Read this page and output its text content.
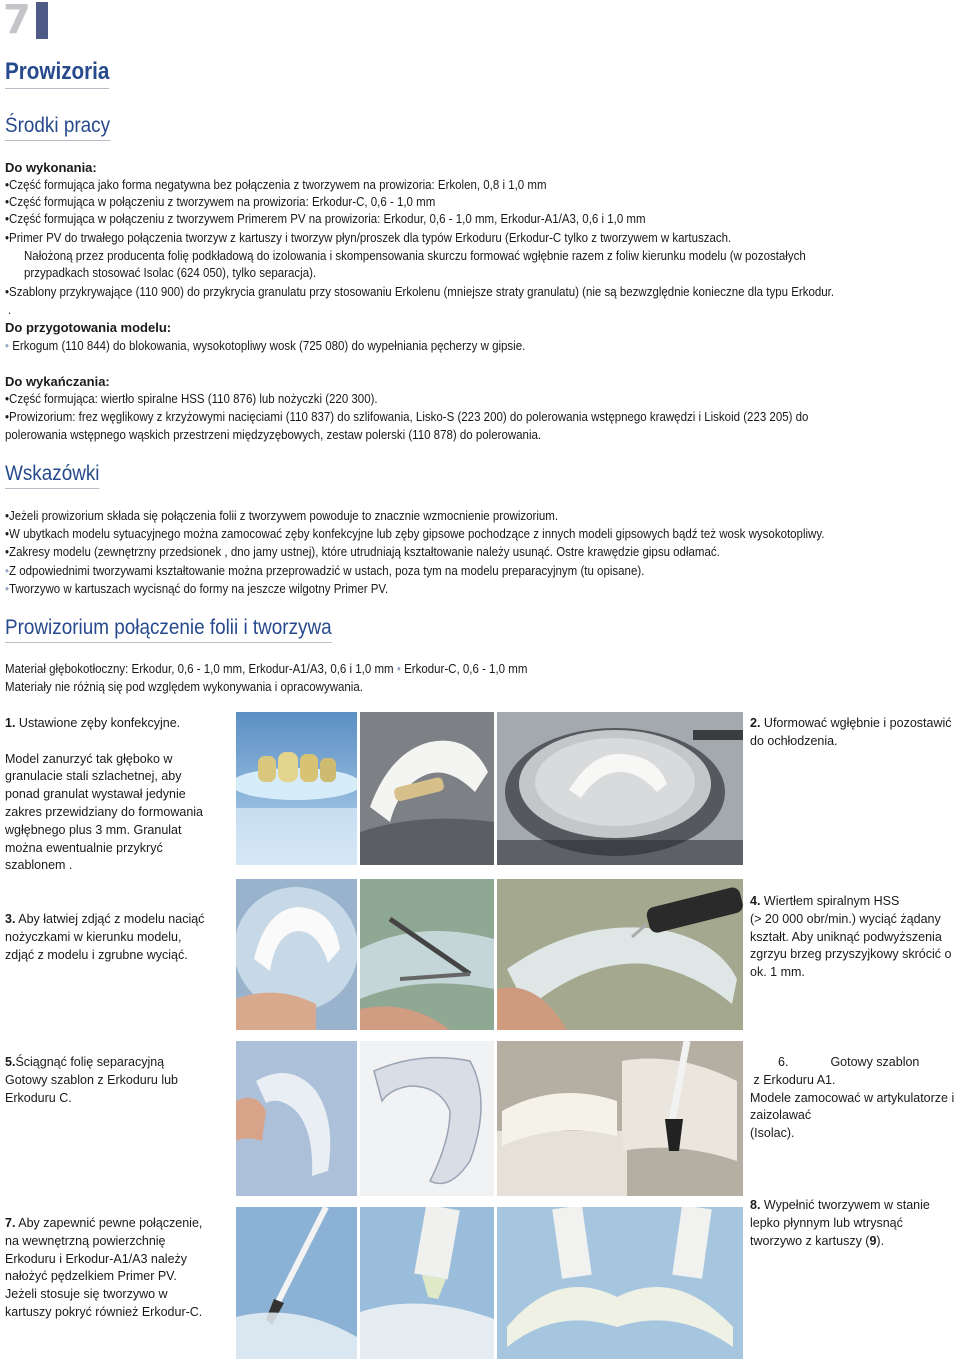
7
Prowizoria
Środki pracy
Do wykonania:
•Część formująca jako forma negatywna bez połączenia z tworzywem na prowizoria: Erkolen, 0,8 i 1,0 mm
•Część formująca w połączeniu z tworzywem na prowizoria: Erkodur-C, 0,6 - 1,0 mm
•Część formująca w połączeniu z tworzywem Primerem PV na prowizoria: Erkodur, 0,6 - 1,0 mm, Erkodur-A1/A3, 0,6 i 1,0 mm
•Primer PV do trwałego połączenia tworzyw z kartuszy i tworzyw płyn/proszek dla typów Erkoduru (Erkodur-C tylko z tworzywem w kartuszach.
Nałożoną przez producenta folię podkładową do izolowania i skompensowania skurczu formować wgłębnie razem z foliw kierunku modelu (w pozostałych
przypadkach stosować Isolac (624 050), tylko separacja).
•Szablony przykrywające (110 900) do przykrycia granulatu przy stosowaniu Erkolenu (mniejsze straty granulatu) (nie są bezwzględnie konieczne dla typu Erkodur.
.
Do przygotowania modelu:
• Erkogum (110 844) do blokowania, wysokotopliwy wosk (725 080) do wypełniania pęcherzy w gipsie.
Do wykańczania:
•Część formująca: wiertło spiralne HSS (110 876) lub nożyczki (220 300).
•Prowizorium: frez węglikowy z krzyżowymi nacięciami (110 837) do szlifowania, Lisko-S (223 200) do polerowania wstępnego krawędzi i Liskoid (223 205) do
polerowania wstępnego wąskich przestrzeni międzyzębowych, zestaw polerski (110 878) do polerowania.
Wskazówki
•Jeżeli prowizorium składa się połączenia folii z tworzywem powoduje to znacznie wzmocnienie prowizorium.
•W ubytkach modelu sytuacyjnego można zamocować zęby konfekcyjne lub zęby gipsowe pochodzące z innych modeli gipsowych bądź też wosk wysokotopliwy.
•Zakresy modelu (zewnętrzny przedsionek , dno jamy ustnej), które utrudniają kształtowanie należy usunąć. Ostre krawędzie gipsu odłamać.
•Z odpowiednimi tworzywami kształtowanie można przeprowadzić w ustach, poza tym na modelu preparacyjnym (tu opisane).
•Tworzywo w kartuszach wycisnąć do formy na jeszcze wilgotny Primer PV.
Prowizorium połączenie folii i tworzywa
Materiał głębokotłoczny: Erkodur, 0,6 - 1,0 mm, Erkodur-A1/A3, 0,6 i 1,0 mm • Erkodur-C, 0,6 - 1,0 mm
Materiały nie różnią się pod względem wykonywania i opracowywania.
1. Ustawione zęby konfekcyjne.
Model zanurzyć tak głęboko w
granulacie stali szlachetnej, aby
ponad granulat wystawał jedynie
zakres przewidziany do formowania
wgłębnego plus 3 mm. Granulat
można ewentualnie przykryć
szablonem .
2. Uformować wgłębnie i pozostawić
do ochłodzenia.
3. Aby łatwiej zdjąć z modelu naciąć
nożyczkami w kierunku modelu,
zdjąć z modelu i zgrubne wyciąć.
4. Wiertłem spiralnym HSS
(> 20 000 obr/min.) wyciąć żądany
kształt. Aby uniknąć podwyższenia
zgrzyu brzeg przyszyjkowy skrócić o
ok. 1 mm.
5.Ściągnąć folię separacyjną
Gotowy szablon z Erkoduru lub
Erkoduru C.
6.	Gotowy szablon
z Erkoduru A1.
Modele zamocować w artykulatorze i
zaizolawać
(Isolac).
7. Aby zapewnić pewne połączenie,
na wewnętrzną powierzchnię
Erkoduru i Erkodur-A1/A3 należy
nałożyć pędzelkiem Primer PV.
Jeżeli stosuje się tworzywo w
kartuszy pokryć również Erkodur-C.
8. Wypełnić tworzywem w stanie
lepko płynnym lub wtrysnąć
tworzywo z kartuszy (9).
